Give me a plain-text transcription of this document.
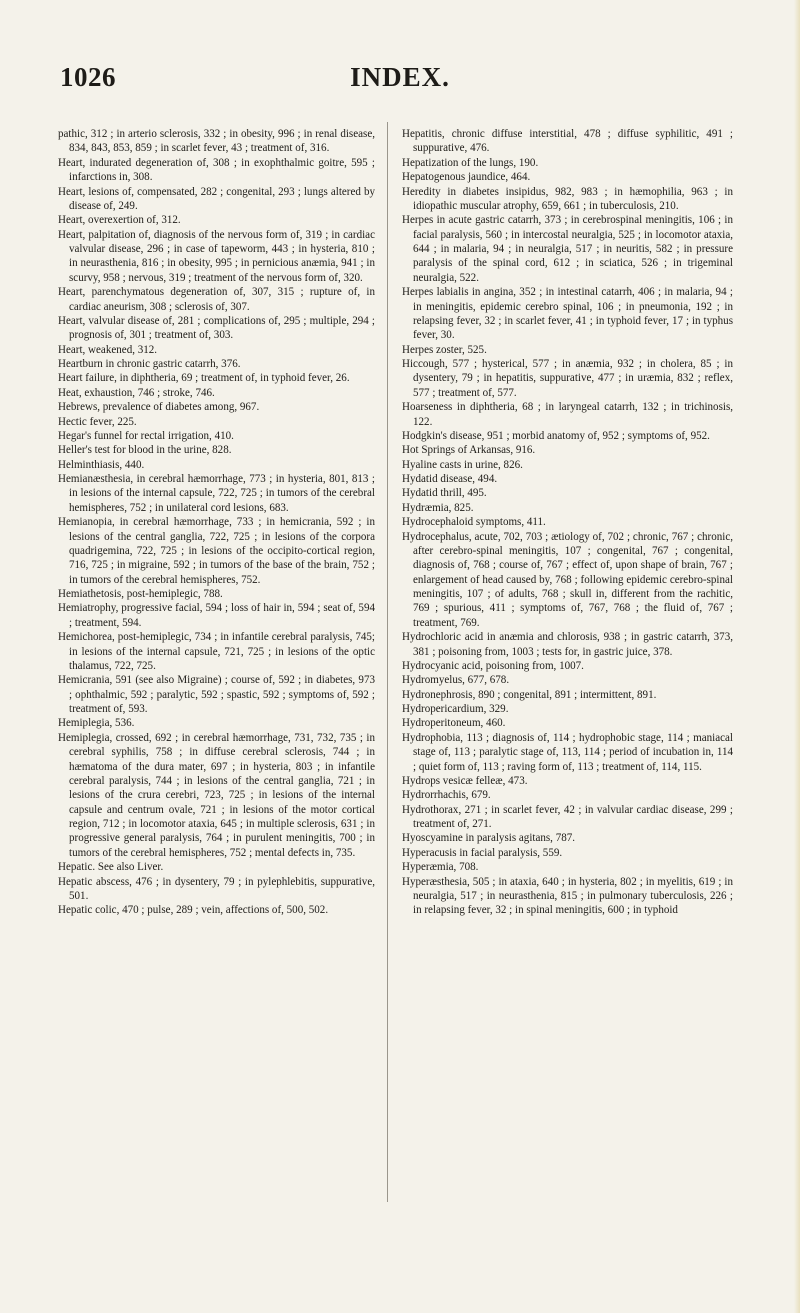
1026	INDEX.

pathic, 312 ; in arterio sclerosis, 332 ; in obesity, 996 ; in renal disease, 834, 843, 853, 859 ; in scarlet fever, 43 ; treatment of, 316.

Heart, indurated degeneration of, 308 ; in exophthalmic goitre, 595 ; infarctions in, 308.

Heart, lesions of, compensated, 282 ; congenital, 293 ; lungs altered by disease of, 249.

Heart, overexertion of, 312.

Heart, palpitation of, diagnosis of the nervous form of, 319 ; in cardiac valvular disease, 296 ; in case of tapeworm, 443 ; in hysteria, 810 ; in neurasthenia, 816 ; in obesity, 995 ; in pernicious anæmia, 941 ; in scurvy, 958 ; nervous, 319 ; treatment of the nervous form of, 320.

Heart, parenchymatous degeneration of, 307, 315 ; rupture of, in cardiac aneurism, 308 ; sclerosis of, 307.

Heart, valvular disease of, 281 ; complications of, 295 ; multiple, 294 ; prognosis of, 301 ; treatment of, 303.

Heart, weakened, 312.

Heartburn in chronic gastric catarrh, 376.

Heart failure, in diphtheria, 69 ; treatment of, in typhoid fever, 26.

Heat, exhaustion, 746 ; stroke, 746.

Hebrews, prevalence of diabetes among, 967.

Hectic fever, 225.

Hegar's funnel for rectal irrigation, 410.

Heller's test for blood in the urine, 828.

Helminthiasis, 440.

Hemianæsthesia, in cerebral hæmorrhage, 773 ; in hysteria, 801, 813 ; in lesions of the internal capsule, 722, 725 ; in tumors of the cerebral hemispheres, 752 ; in unilateral cord lesions, 683.

Hemianopia, in cerebral hæmorrhage, 733 ; in hemicrania, 592 ; in lesions of the central ganglia, 722, 725 ; in lesions of the corpora quadrigemina, 722, 725 ; in lesions of the occipito-cortical region, 716, 725 ; in migraine, 592 ; in tumors of the base of the brain, 752 ; in tumors of the cerebral hemispheres, 752.

Hemiathetosis, post-hemiplegic, 788.

Hemiatrophy, progressive facial, 594 ; loss of hair in, 594 ; seat of, 594 ; treatment, 594.

Hemichorea, post-hemiplegic, 734 ; in infantile cerebral paralysis, 745; in lesions of the internal capsule, 721, 725 ; in lesions of the optic thalamus, 722, 725.

Hemicrania, 591 (see also Migraine) ; course of, 592 ; in diabetes, 973 ; ophthalmic, 592 ; paralytic, 592 ; spastic, 592 ; symptoms of, 592 ; treatment of, 593.

Hemiplegia, 536.

Hemiplegia, crossed, 692 ; in cerebral hæmorrhage, 731, 732, 735 ; in cerebral syphilis, 758 ; in diffuse cerebral sclerosis, 744 ; in hæmatoma of the dura mater, 697 ; in hysteria, 803 ; in infantile cerebral paralysis, 744 ; in lesions of the central ganglia, 721 ; in lesions of the crura cerebri, 723, 725 ; in lesions of the internal capsule and centrum ovale, 721 ; in lesions of the motor cortical region, 712 ; in locomotor ataxia, 645 ; in multiple sclerosis, 631 ; in progressive general paralysis, 764 ; in purulent meningitis, 700 ; in tumors of the cerebral hemispheres, 752 ; mental defects in, 735.

Hepatic. See also Liver.

Hepatic abscess, 476 ; in dysentery, 79 ; in pylephlebitis, suppurative, 501.

Hepatic colic, 470 ; pulse, 289 ; vein, affections of, 500, 502.

Hepatitis, chronic diffuse interstitial, 478 ; diffuse syphilitic, 491 ; suppurative, 476.

Hepatization of the lungs, 190.

Hepatogenous jaundice, 464.

Heredity in diabetes insipidus, 982, 983 ; in hæmophilia, 963 ; in idiopathic muscular atrophy, 659, 661 ; in tuberculosis, 210.

Herpes in acute gastric catarrh, 373 ; in cerebrospinal meningitis, 106 ; in facial paralysis, 560 ; in intercostal neuralgia, 525 ; in locomotor ataxia, 644 ; in malaria, 94 ; in neuralgia, 517 ; in neuritis, 582 ; in pressure paralysis of the spinal cord, 612 ; in sciatica, 526 ; in trigeminal neuralgia, 522.

Herpes labialis in angina, 352 ; in intestinal catarrh, 406 ; in malaria, 94 ; in meningitis, epidemic cerebro spinal, 106 ; in pneumonia, 192 ; in relapsing fever, 32 ; in scarlet fever, 41 ; in typhoid fever, 17 ; in typhus fever, 30.

Herpes zoster, 525.

Hiccough, 577 ; hysterical, 577 ; in anæmia, 932 ; in cholera, 85 ; in dysentery, 79 ; in hepatitis, suppurative, 477 ; in uræmia, 832 ; reflex, 577 ; treatment of, 577.

Hoarseness in diphtheria, 68 ; in laryngeal catarrh, 132 ; in trichinosis, 122.

Hodgkin's disease, 951 ; morbid anatomy of, 952 ; symptoms of, 952.

Hot Springs of Arkansas, 916.

Hyaline casts in urine, 826.

Hydatid disease, 494.

Hydatid thrill, 495.

Hydræmia, 825.

Hydrocephaloid symptoms, 411.

Hydrocephalus, acute, 702, 703 ; ætiology of, 702 ; chronic, 767 ; chronic, after cerebro-spinal meningitis, 107 ; congenital, 767 ; congenital, diagnosis of, 768 ; course of, 767 ; effect of, upon shape of brain, 767 ; enlargement of head caused by, 768 ; following epidemic cerebro-spinal meningitis, 107 ; of adults, 768 ; skull in, different from the rachitic, 769 ; spurious, 411 ; symptoms of, 767, 768 ; the fluid of, 767 ; treatment, 769.

Hydrochloric acid in anæmia and chlorosis, 938 ; in gastric catarrh, 373, 381 ; poisoning from, 1003 ; tests for, in gastric juice, 378.

Hydrocyanic acid, poisoning from, 1007.

Hydromyelus, 677, 678.

Hydronephrosis, 890 ; congenital, 891 ; intermittent, 891.

Hydropericardium, 329.

Hydroperitoneum, 460.

Hydrophobia, 113 ; diagnosis of, 114 ; hydrophobic stage, 114 ; maniacal stage of, 113 ; paralytic stage of, 113, 114 ; period of incubation in, 114 ; quiet form of, 113 ; raving form of, 113 ; treatment of, 114, 115.

Hydrops vesicæ felleæ, 473.

Hydrorrhachis, 679.

Hydrothorax, 271 ; in scarlet fever, 42 ; in valvular cardiac disease, 299 ; treatment of, 271.

Hyoscyamine in paralysis agitans, 787.

Hyperacusis in facial paralysis, 559.

Hyperæmia, 708.

Hyperæsthesia, 505 ; in ataxia, 640 ; in hysteria, 802 ; in myelitis, 619 ; in neuralgia, 517 ; in neurasthenia, 815 ; in pulmonary tuberculosis, 226 ; in relapsing fever, 32 ; in spinal meningitis, 600 ; in typhoid
